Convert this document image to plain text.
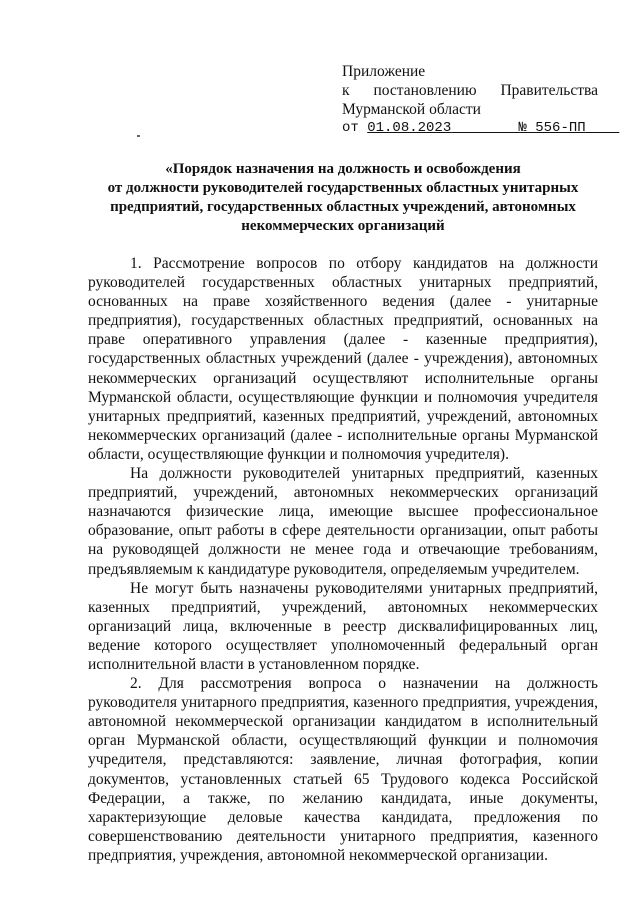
Приложение
к постановлению Правительства
Мурманской области
от 01.08.2023	№ 556-ПП
«Порядок назначения на должность и освобождения
от должности руководителей государственных областных унитарных
предприятий, государственных областных учреждений, автономных
некоммерческих организаций

1. Рассмотрение вопросов по отбору кандидатов на должности руководителей государственных областных унитарных предприятий, основанных на праве хозяйственного ведения (далее - унитарные предприятия), государственных областных предприятий, основанных на праве оперативного управления (далее - казенные предприятия), государственных областных учреждений (далее - учреждения), автономных некоммерческих организаций осуществляют исполнительные органы Мурманской области, осуществляющие функции и полномочия учредителя унитарных предприятий, казенных предприятий, учреждений, автономных некоммерческих организаций (далее - исполнительные органы Мурманской области, осуществляющие функции и полномочия учредителя).

На должности руководителей унитарных предприятий, казенных предприятий, учреждений, автономных некоммерческих организаций назначаются физические лица, имеющие высшее профессиональное образование, опыт работы в сфере деятельности организации, опыт работы на руководящей должности не менее года и отвечающие требованиям, предъявляемым к кандидатуре руководителя, определяемым учредителем.

Не могут быть назначены руководителями унитарных предприятий, казенных предприятий, учреждений, автономных некоммерческих организаций лица, включенные в реестр дисквалифицированных лиц, ведение которого осуществляет уполномоченный федеральный орган исполнительной власти в установленном порядке.

2. Для рассмотрения вопроса о назначении на должность руководителя унитарного предприятия, казенного предприятия, учреждения, автономной некоммерческой организации кандидатом в исполнительный орган Мурманской области, осуществляющий функции и полномочия учредителя, представляются: заявление, личная фотография, копии документов, установленных статьей 65 Трудового кодекса Российской Федерации, а также, по желанию кандидата, иные документы, характеризующие деловые качества кандидата, предложения по совершенствованию деятельности унитарного предприятия, казенного предприятия, учреждения, автономной некоммерческой организации.
